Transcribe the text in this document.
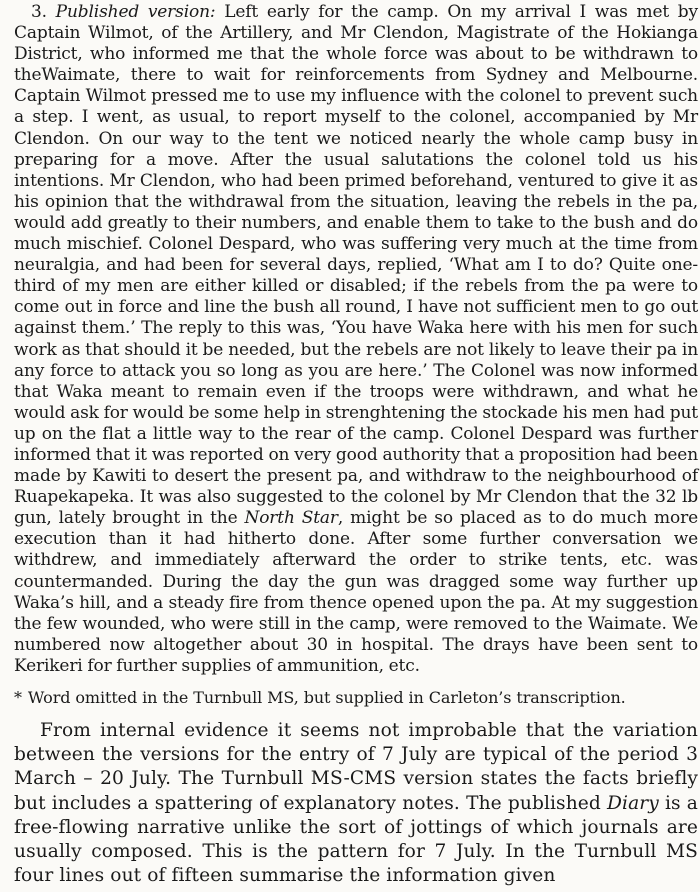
3. Published version: Left early for the camp. On my arrival I was met by Captain Wilmot, of the Artillery, and Mr Clendon, Magistrate of the Hokianga District, who informed me that the whole force was about to be withdrawn to theWaimate, there to wait for reinforcements from Sydney and Melbourne. Captain Wilmot pressed me to use my influence with the colonel to prevent such a step. I went, as usual, to report myself to the colonel, accompanied by Mr Clendon. On our way to the tent we noticed nearly the whole camp busy in preparing for a move. After the usual salutations the colonel told us his intentions. Mr Clendon, who had been primed beforehand, ventured to give it as his opinion that the withdrawal from the situation, leaving the rebels in the pa, would add greatly to their numbers, and enable them to take to the bush and do much mischief. Colonel Despard, who was suffering very much at the time from neuralgia, and had been for several days, replied, ‘What am I to do? Quite one-third of my men are either killed or disabled; if the rebels from the pa were to come out in force and line the bush all round, I have not sufficient men to go out against them.’ The reply to this was, ‘You have Waka here with his men for such work as that should it be needed, but the rebels are not likely to leave their pa in any force to attack you so long as you are here.’ The Colonel was now informed that Waka meant to remain even if the troops were withdrawn, and what he would ask for would be some help in strenghtening the stockade his men had put up on the flat a little way to the rear of the camp. Colonel Despard was further informed that it was reported on very good authority that a proposition had been made by Kawiti to desert the present pa, and withdraw to the neighbourhood of Ruapekapeka. It was also suggested to the colonel by Mr Clendon that the 32 lb gun, lately brought in the North Star, might be so placed as to do much more execution than it had hitherto done. After some further conversation we withdrew, and immediately afterward the order to strike tents, etc. was countermanded. During the day the gun was dragged some way further up Waka’s hill, and a steady fire from thence opened upon the pa. At my suggestion the few wounded, who were still in the camp, were removed to the Waimate. We numbered now altogether about 30 in hospital. The drays have been sent to Kerikeri for further supplies of ammunition, etc.

* Word omitted in the Turnbull MS, but supplied in Carleton’s transcription.

From internal evidence it seems not improbable that the variation between the versions for the entry of 7 July are typical of the period 3 March – 20 July. The Turnbull MS-CMS version states the facts briefly but includes a spattering of explanatory notes. The published Diary is a free-flowing narrative unlike the sort of jottings of which journals are usually composed. This is the pattern for 7 July. In the Turnbull MS four lines out of fifteen summarise the information given
